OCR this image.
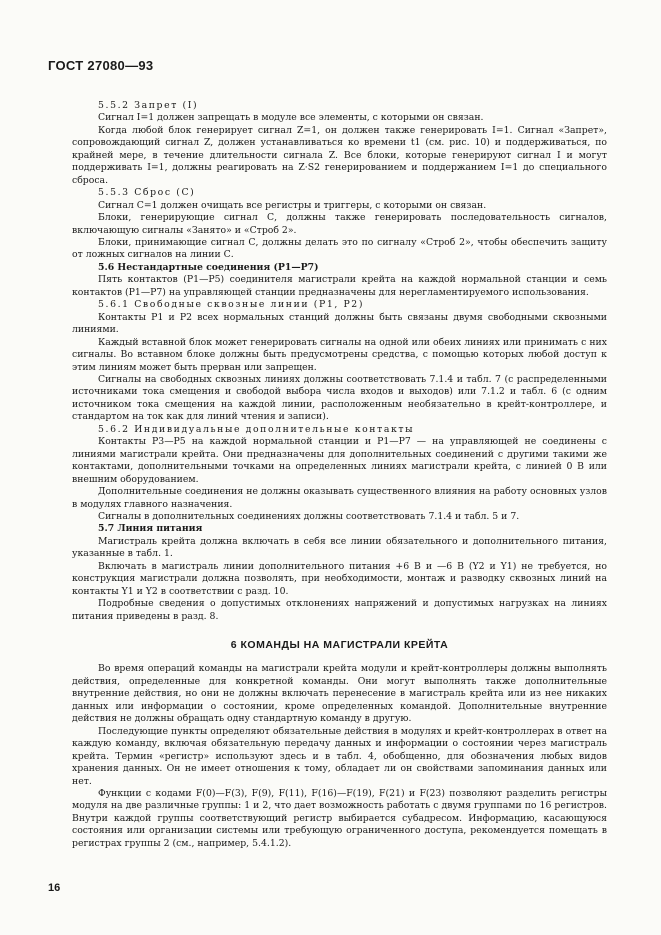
ГОСТ 27080—93
5.5.2 Запрет (I)
Сигнал I=1 должен запрещать в модуле все элементы, с которыми он связан.
Когда любой блок генерирует сигнал Z=1, он должен также генерировать I=1. Сигнал «Запрет», сопровождающий сигнал Z, должен устанавливаться ко времени t1 (см. рис. 10) и поддерживаться, по крайней мере, в течение длительности сигнала Z. Все блоки, которые генерируют сигнал I и могут поддерживать I=1, должны реагировать на Z·S2 генерированием и поддержанием I=1 до специального сброса.
5.5.3 Сброс (С)
Сигнал С=1 должен очищать все регистры и триггеры, с которыми он связан.
Блоки, генерирующие сигнал С, должны также генерировать последовательность сигналов, включающую сигналы «Занято» и «Строб 2».
Блоки, принимающие сигнал С, должны делать это по сигналу «Строб 2», чтобы обеспечить защиту от ложных сигналов на линии С.
5.6 Нестандартные соединения (P1—P7)
Пять контактов (Р1—Р5) соединителя магистрали крейта на каждой нормальной станции и семь контактов (Р1—Р7) на управляющей станции предназначены для нерегламентируемого использования.
5.6.1 Свободные сквозные линии (P1, P2)
Контакты P1 и P2 всех нормальных станций должны быть связаны двумя свободными сквозными линиями.
Каждый вставной блок может генерировать сигналы на одной или обеих линиях или принимать с них сигналы. Во вставном блоке должны быть предусмотрены средства, с помощью которых любой доступ к этим линиям может быть прерван или запрещен.
Сигналы на свободных сквозных линиях должны соответствовать 7.1.4 и табл. 7 (с распределенными источниками тока смещения и свободой выбора числа входов и выходов) или 7.1.2 и табл. 6 (с одним источником тока смещения на каждой линии, расположенным необязательно в крейт-контроллере, и стандартом на ток как для линий чтения и записи).
5.6.2 Индивидуальные дополнительные контакты
Контакты Р3—Р5 на каждой нормальной станции и Р1—Р7 — на управляющей не соединены с линиями магистрали крейта. Они предназначены для дополнительных соединений с другими такими же контактами, дополнительными точками на определенных линиях магистрали крейта, с линией 0 В или внешним оборудованием.
Дополнительные соединения не должны оказывать существенного влияния на работу основных узлов в модулях главного назначения.
Сигналы в дополнительных соединениях должны соответствовать 7.1.4 и табл. 5 и 7.
5.7 Линия питания
Магистраль крейта должна включать в себя все линии обязательного и дополнительного питания, указанные в табл. 1.
Включать в магистраль линии дополнительного питания +6 В и —6 В (Y2 и Y1) не требуется, но конструкция магистрали должна позволять, при необходимости, монтаж и разводку сквозных линий на контакты Y1 и Y2 в соответствии с разд. 10.
Подробные сведения о допустимых отклонениях напряжений и допустимых нагрузках на линиях питания приведены в разд. 8.
6 КОМАНДЫ НА МАГИСТРАЛИ КРЕЙТА
Во время операций команды на магистрали крейта модули и крейт-контроллеры должны выполнять действия, определенные для конкретной команды. Они могут выполнять также дополнительные внутренние действия, но они не должны включать перенесение в магистраль крейта или из нее никаких данных или информации о состоянии, кроме определенных командой. Дополнительные внутренние действия не должны обращать одну стандартную команду в другую.
Последующие пункты определяют обязательные действия в модулях и крейт-контроллерах в ответ на каждую команду, включая обязательную передачу данных и информации о состоянии через магистраль крейта. Термин «регистр» используют здесь и в табл. 4, обобщенно, для обозначения любых видов хранения данных. Он не имеет отношения к тому, обладает ли он свойствами запоминания данных или нет.
Функции с кодами F(0)—F(3), F(9), F(11), F(16)—F(19), F(21) и F(23) позволяют разделить регистры модуля на две различные группы: 1 и 2, что дает возможность работать с двумя группами по 16 регистров. Внутри каждой группы соответствующий регистр выбирается субадресом. Информацию, касающуюся состояния или организации системы или требующую ограниченного доступа, рекомендуется помещать в регистрах группы 2 (см., например, 5.4.1.2).
16
